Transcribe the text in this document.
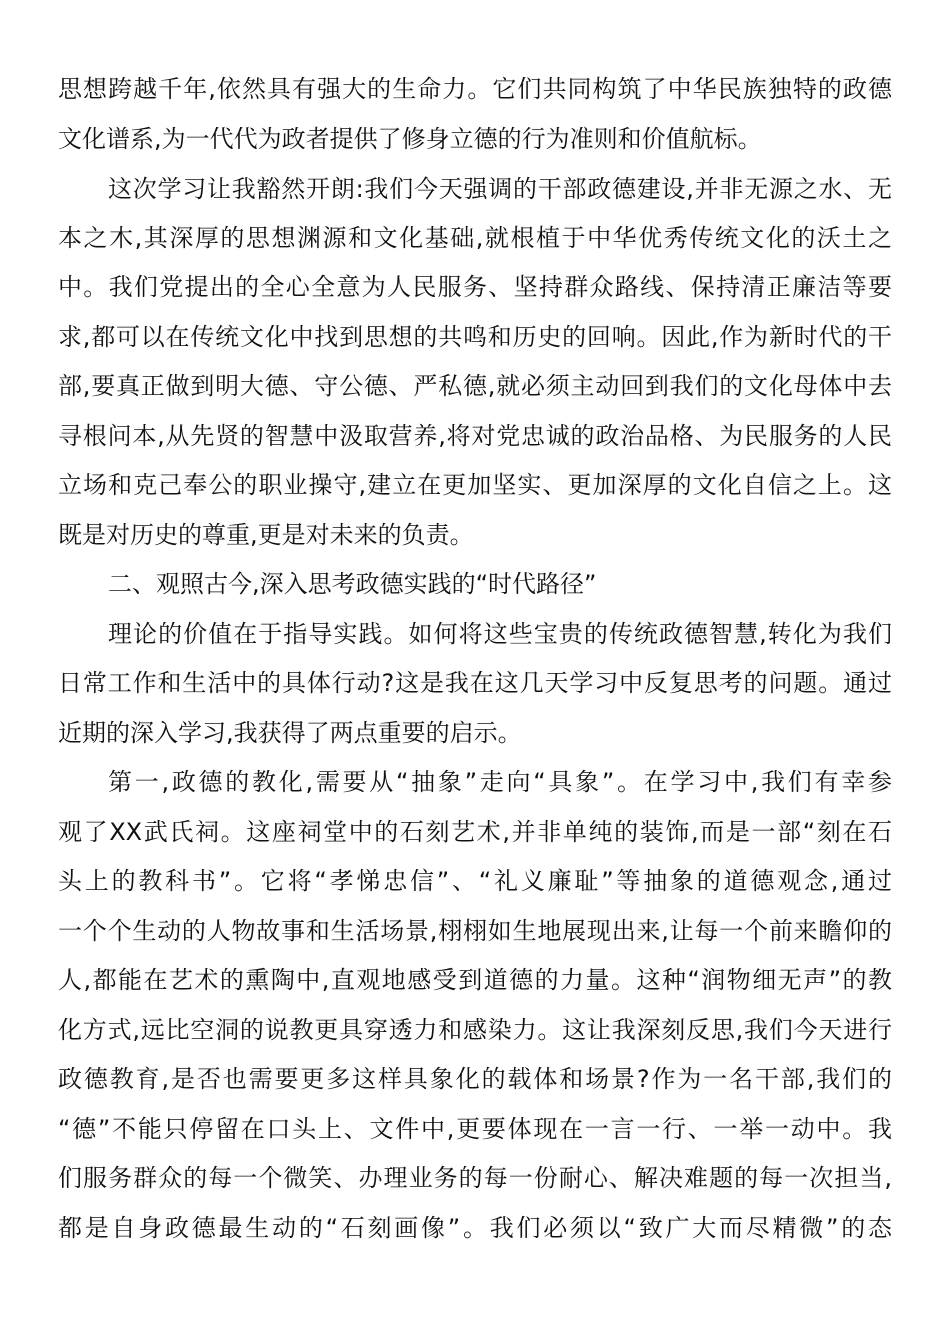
思想跨越千年,依然具有强大的生命力。它们共同构筑了中华民族独特的政德
文化谱系,为一代代为政者提供了修身立德的行为准则和价值航标。
这次学习让我豁然开朗:我们今天强调的干部政德建设,并非无源之水、无
本之木,其深厚的思想渊源和文化基础,就根植于中华优秀传统文化的沃土之
中。我们党提出的全心全意为人民服务、坚持群众路线、保持清正廉洁等要
求,都可以在传统文化中找到思想的共鸣和历史的回响。因此,作为新时代的干
部,要真正做到明大德、守公德、严私德,就必须主动回到我们的文化母体中去
寻根问本,从先贤的智慧中汲取营养,将对党忠诚的政治品格、为民服务的人民
立场和克己奉公的职业操守,建立在更加坚实、更加深厚的文化自信之上。这
既是对历史的尊重,更是对未来的负责。
二、观照古今,深入思考政德实践的“时代路径”
理论的价值在于指导实践。如何将这些宝贵的传统政德智慧,转化为我们
日常工作和生活中的具体行动?这是我在这几天学习中反复思考的问题。通过
近期的深入学习,我获得了两点重要的启示。
第一,政德的教化,需要从“抽象”走向“具象”。在学习中,我们有幸参
观了XX武氏祠。这座祠堂中的石刻艺术,并非单纯的装饰,而是一部“刻在石
头上的教科书”。它将“孝悌忠信”、“礼义廉耻”等抽象的道德观念,通过
一个个生动的人物故事和生活场景,栩栩如生地展现出来,让每一个前来瞻仰的
人,都能在艺术的熏陶中,直观地感受到道德的力量。这种“润物细无声”的教
化方式,远比空洞的说教更具穿透力和感染力。这让我深刻反思,我们今天进行
政德教育,是否也需要更多这样具象化的载体和场景?作为一名干部,我们的
“德”不能只停留在口头上、文件中,更要体现在一言一行、一举一动中。我
们服务群众的每一个微笑、办理业务的每一份耐心、解决难题的每一次担当,
都是自身政德最生动的“石刻画像”。我们必须以“致广大而尽精微”的态
